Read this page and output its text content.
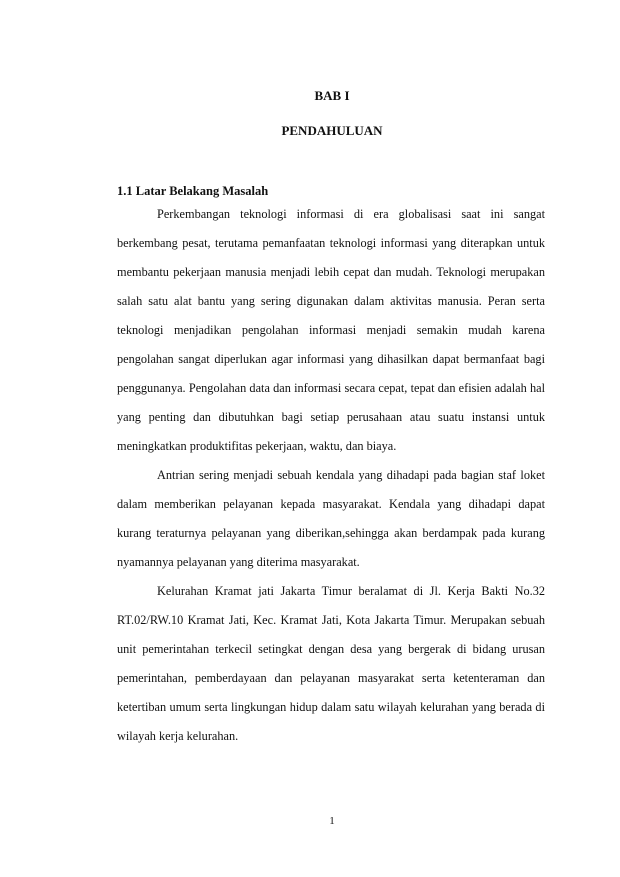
BAB I
PENDAHULUAN
1.1 Latar Belakang Masalah

Perkembangan teknologi informasi di era globalisasi saat ini sangat
berkembang pesat, terutama pemanfaatan teknologi informasi yang diterapkan untuk
membantu pekerjaan manusia menjadi lebih cepat dan mudah. Teknologi merupakan
salah satu alat bantu yang sering digunakan dalam aktivitas manusia. Peran serta
teknologi menjadikan pengolahan informasi menjadi semakin mudah karena
pengolahan sangat diperlukan agar informasi yang dihasilkan dapat bermanfaat bagi
penggunanya. Pengolahan data dan informasi secara cepat, tepat dan efisien adalah hal
yang penting dan dibutuhkan bagi setiap perusahaan atau suatu instansi untuk
meningkatkan produktifitas pekerjaan, waktu, dan biaya.

Antrian sering menjadi sebuah kendala yang dihadapi pada bagian staf loket
dalam memberikan pelayanan kepada masyarakat. Kendala yang dihadapi dapat
kurang teraturnya pelayanan yang diberikan,sehingga akan berdampak pada kurang
nyamannya pelayanan yang diterima masyarakat.

Kelurahan Kramat jati Jakarta Timur beralamat di Jl. Kerja Bakti No.32
RT.02/RW.10 Kramat Jati, Kec. Kramat Jati, Kota Jakarta Timur. Merupakan sebuah
unit pemerintahan terkecil setingkat dengan desa yang bergerak di bidang urusan
pemerintahan, pemberdayaan dan pelayanan masyarakat serta ketenteraman dan
ketertiban umum serta lingkungan hidup dalam satu wilayah kelurahan yang berada di
wilayah kerja kelurahan.

1
